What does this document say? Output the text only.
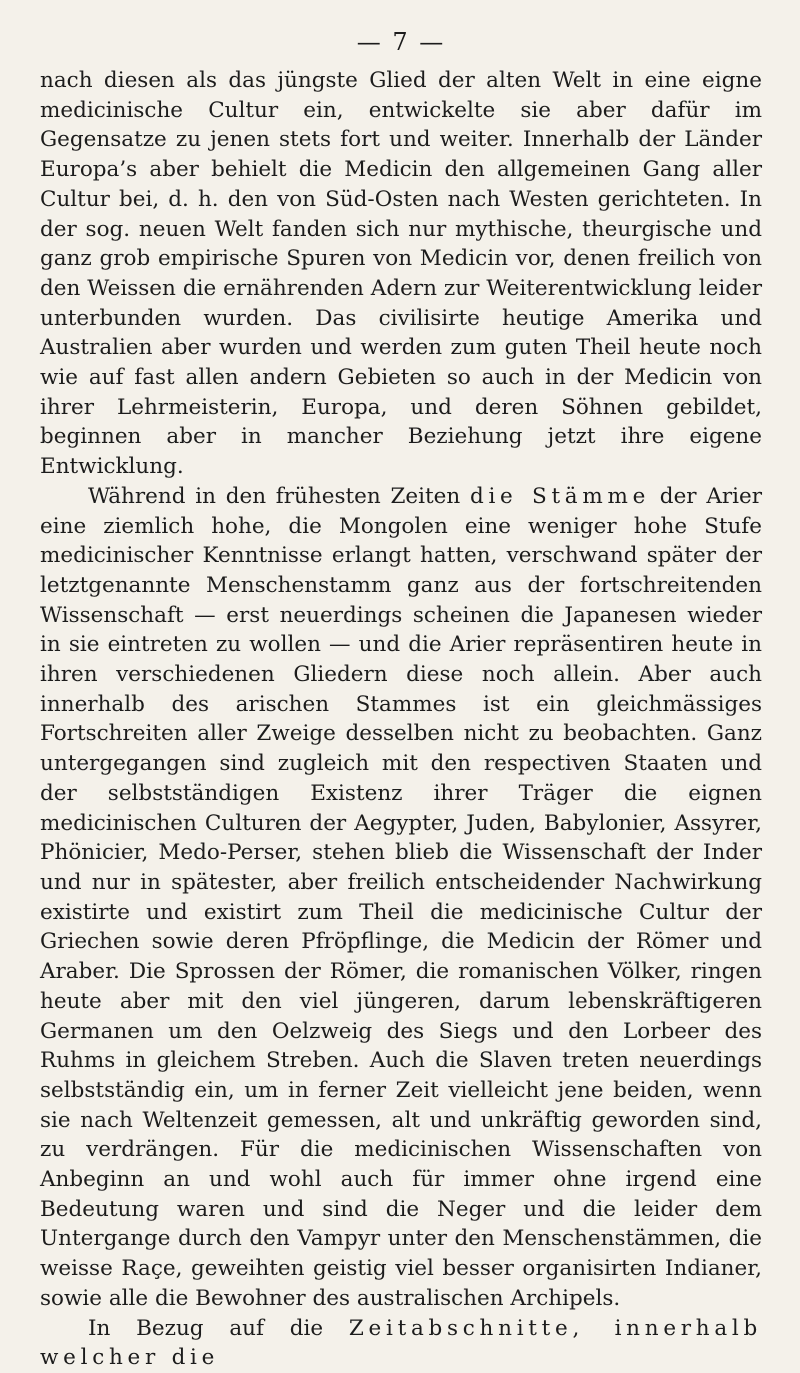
— 7 —

nach diesen als das jüngste Glied der alten Welt in eine eigne medicinische Cultur ein, entwickelte sie aber dafür im Gegensatze zu jenen stets fort und weiter. Innerhalb der Länder Europa’s aber behielt die Medicin den allgemeinen Gang aller Cultur bei, d. h. den von Süd-Osten nach Westen gerichteten. In der sog. neuen Welt fanden sich nur mythische, theurgische und ganz grob empirische Spuren von Medicin vor, denen freilich von den Weissen die ernährenden Adern zur Weiterentwicklung leider unterbunden wurden. Das civilisirte heutige Amerika und Australien aber wurden und werden zum guten Theil heute noch wie auf fast allen andern Gebieten so auch in der Medicin von ihrer Lehrmeisterin, Europa, und deren Söhnen gebildet, beginnen aber in mancher Beziehung jetzt ihre eigene Entwicklung.

Während in den frühesten Zeiten die Stämme der Arier eine ziemlich hohe, die Mongolen eine weniger hohe Stufe medicinischer Kenntnisse erlangt hatten, verschwand später der letztgenannte Menschenstamm ganz aus der fortschreitenden Wissenschaft — erst neuerdings scheinen die Japanesen wieder in sie eintreten zu wollen — und die Arier repräsentiren heute in ihren verschiedenen Gliedern diese noch allein. Aber auch innerhalb des arischen Stammes ist ein gleichmässiges Fortschreiten aller Zweige desselben nicht zu beobachten. Ganz untergegangen sind zugleich mit den respectiven Staaten und der selbstständigen Existenz ihrer Träger die eignen medicinischen Culturen der Aegypter, Juden, Babylonier, Assyrer, Phönicier, Medo-Perser, stehen blieb die Wissenschaft der Inder und nur in spätester, aber freilich entscheidender Nachwirkung existirte und existirt zum Theil die medicinische Cultur der Griechen sowie deren Pfröpflinge, die Medicin der Römer und Araber. Die Sprossen der Römer, die romanischen Völker, ringen heute aber mit den viel jüngeren, darum lebenskräftigeren Germanen um den Oelzweig des Siegs und den Lorbeer des Ruhms in gleichem Streben. Auch die Slaven treten neuerdings selbstständig ein, um in ferner Zeit vielleicht jene beiden, wenn sie nach Weltenzeit gemessen, alt und unkräftig geworden sind, zu verdrängen. Für die medicinischen Wissenschaften von Anbeginn an und wohl auch für immer ohne irgend eine Bedeutung waren und sind die Neger und die leider dem Untergange durch den Vampyr unter den Menschenstämmen, die weisse Raçe, geweihten geistig viel besser organisirten Indianer, sowie alle die Bewohner des australischen Archipels.

In Bezug auf die Zeitabschnitte, innerhalb welcher die
